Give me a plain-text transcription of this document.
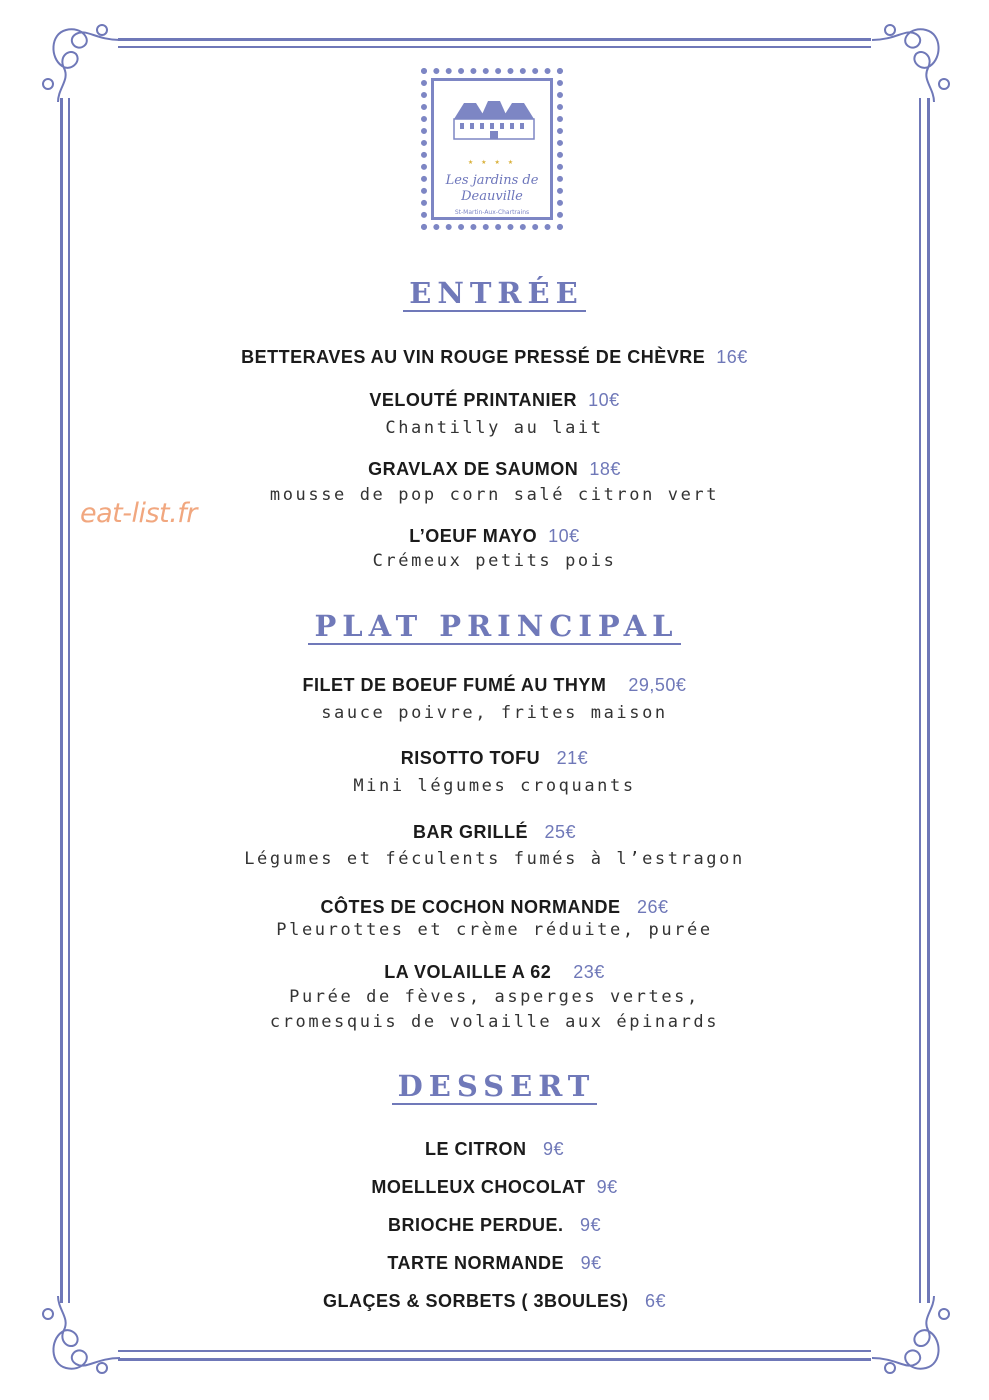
★ ★ ★ ★
Les jardins de
Deauville
St-Martin-Aux-Chartrains
eat-list.fr
ENTRÉE
BETTERAVES AU VIN ROUGE PRESSÉ DE CHÈVRE 16€
VELOUTÉ PRINTANIER 10€
Chantilly au lait
GRAVLAX DE SAUMON 18€
mousse de pop corn salé citron vert
L’OEUF MAYO 10€
Crémeux petits pois
PLAT PRINCIPAL
FILET DE BOEUF FUMÉ AU THYM 29,50€
sauce poivre, frites maison
RISOTTO TOFU 21€
Mini légumes croquants
BAR GRILLÉ 25€
Légumes et féculents fumés à l’estragon
CÔTES DE COCHON NORMANDE 26€
Pleurottes et crème réduite, purée
LA VOLAILLE A 62 23€
Purée de fèves, asperges vertes,
cromesquis de volaille aux épinards
DESSERT
LE CITRON 9€
MOELLEUX CHOCOLAT 9€
BRIOCHE PERDUE. 9€
TARTE NORMANDE 9€
GLAÇES & SORBETS ( 3BOULES) 6€
